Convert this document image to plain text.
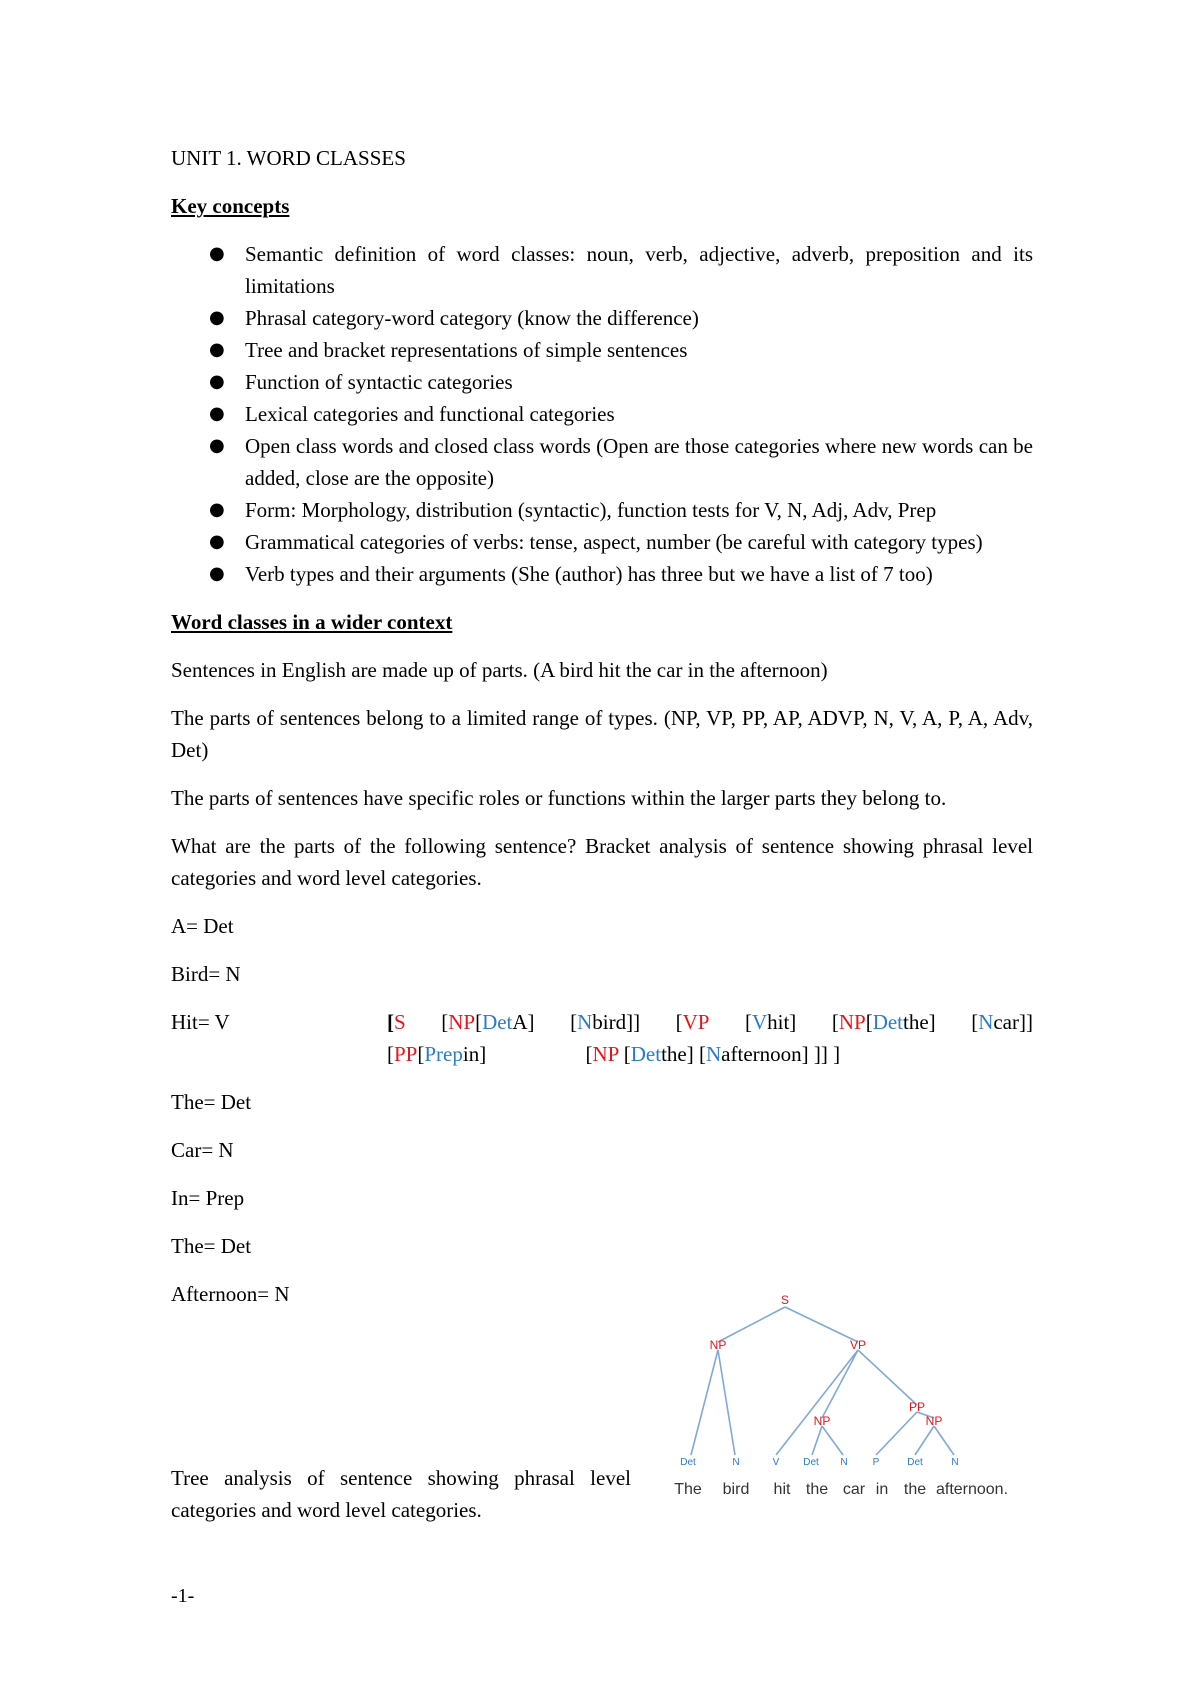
UNIT 1. WORD CLASSES

Key concepts

● Semantic definition of word classes: noun, verb, adjective, adverb, preposition and its limitations
● Phrasal category-word category (know the difference)
● Tree and bracket representations of simple sentences
● Function of syntactic categories
● Lexical categories and functional categories
● Open class words and closed class words (Open are those categories where new words can be added, close are the opposite)
● Form: Morphology, distribution (syntactic), function tests for V, N, Adj, Adv, Prep
● Grammatical categories of verbs: tense, aspect, number (be careful with category types)
● Verb types and their arguments (She (author) has three but we have a list of 7 too)

Word classes in a wider context

Sentences in English are made up of parts. (A bird hit the car in the afternoon)

The parts of sentences belong to a limited range of types. (NP, VP, PP, AP, ADVP, N, V, A, P, A, Adv, Det)

The parts of sentences have specific roles or functions within the larger parts they belong to.

What are the parts of the following sentence? Bracket analysis of sentence showing phrasal level categories and word level categories.

A= Det

Bird= N

Hit= V	[S [NP[DetA] [Nbird]] [VP [Vhit] [NP[Detthe] [Ncar]]
[PP[Prepin]	[NP [Detthe] [Nafternoon] ]] ]

The= Det

Car= N

In= Prep

The= Det

Afternoon= N

Tree analysis of sentence showing phrasal level categories and word level categories.

S
NP	VP
PP
NP	NP
Det	N	V Det N	P	Det	N
The bird hit the car in the afternoon.
-1-
